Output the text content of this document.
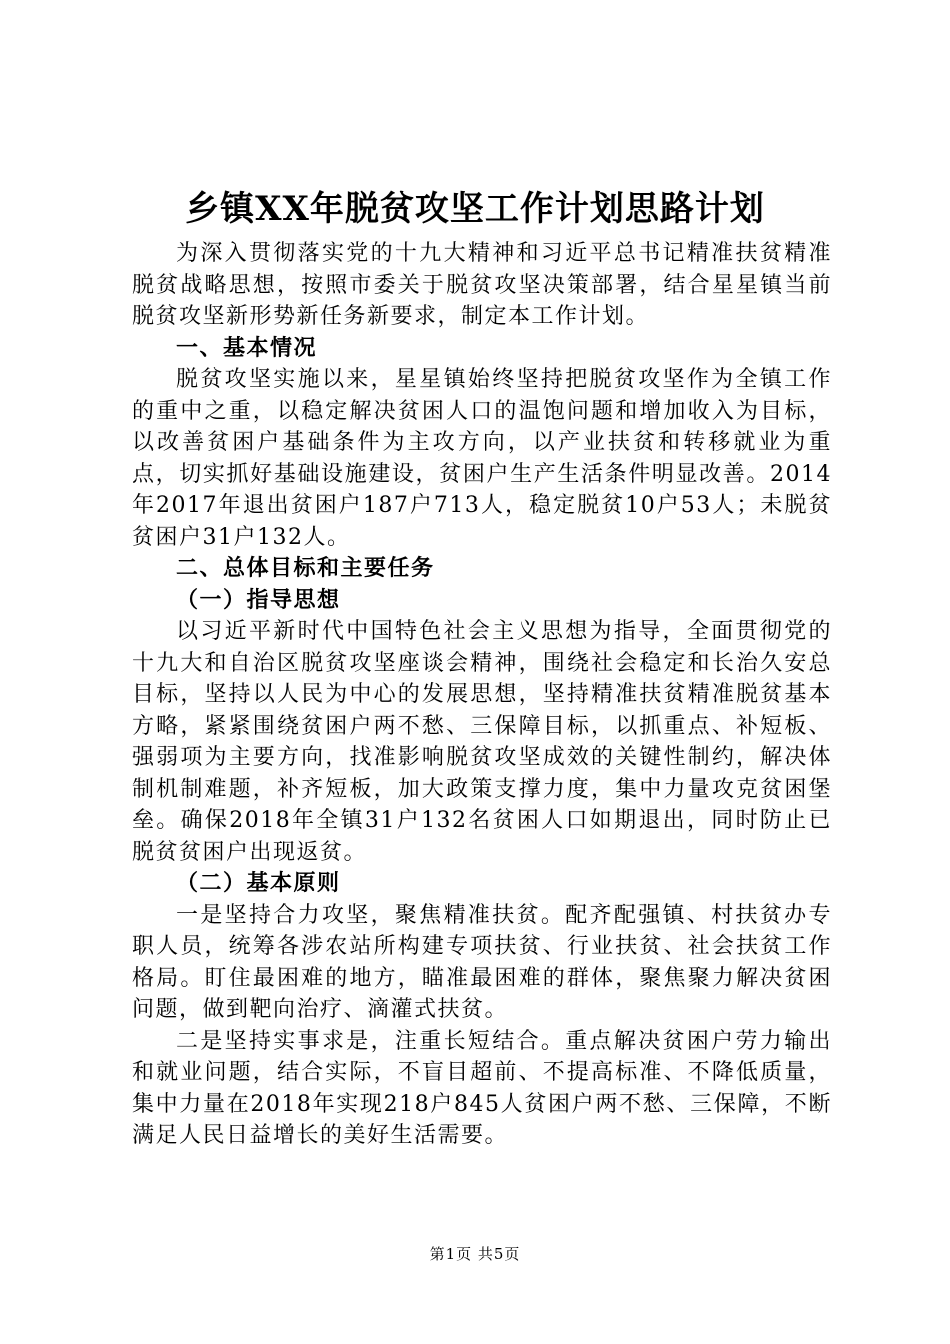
乡镇XX年脱贫攻坚工作计划思路计划

为深入贯彻落实党的十九大精神和习近平总书记精准扶贫精准脱贫战略思想，按照市委关于脱贫攻坚决策部署，结合星星镇当前脱贫攻坚新形势新任务新要求，制定本工作计划。

一、基本情况

脱贫攻坚实施以来，星星镇始终坚持把脱贫攻坚作为全镇工作的重中之重，以稳定解决贫困人口的温饱问题和增加收入为目标，以改善贫困户基础条件为主攻方向，以产业扶贫和转移就业为重点，切实抓好基础设施建设，贫困户生产生活条件明显改善。2014年2017年退出贫困户187户713人，稳定脱贫10户53人；未脱贫贫困户31户132人。

二、总体目标和主要任务

（一）指导思想

以习近平新时代中国特色社会主义思想为指导，全面贯彻党的十九大和自治区脱贫攻坚座谈会精神，围绕社会稳定和长治久安总目标，坚持以人民为中心的发展思想，坚持精准扶贫精准脱贫基本方略，紧紧围绕贫困户两不愁、三保障目标，以抓重点、补短板、强弱项为主要方向，找准影响脱贫攻坚成效的关键性制约，解决体制机制难题，补齐短板，加大政策支撑力度，集中力量攻克贫困堡垒。确保2018年全镇31户132名贫困人口如期退出，同时防止已脱贫贫困户出现返贫。

（二）基本原则

一是坚持合力攻坚，聚焦精准扶贫。配齐配强镇、村扶贫办专职人员，统筹各涉农站所构建专项扶贫、行业扶贫、社会扶贫工作格局。盯住最困难的地方，瞄准最困难的群体，聚焦聚力解决贫困问题，做到靶向治疗、滴灌式扶贫。

二是坚持实事求是，注重长短结合。重点解决贫困户劳力输出和就业问题，结合实际，不盲目超前、不提高标准、不降低质量，集中力量在2018年实现218户845人贫困户两不愁、三保障，不断满足人民日益增长的美好生活需要。

第1页 共5页
